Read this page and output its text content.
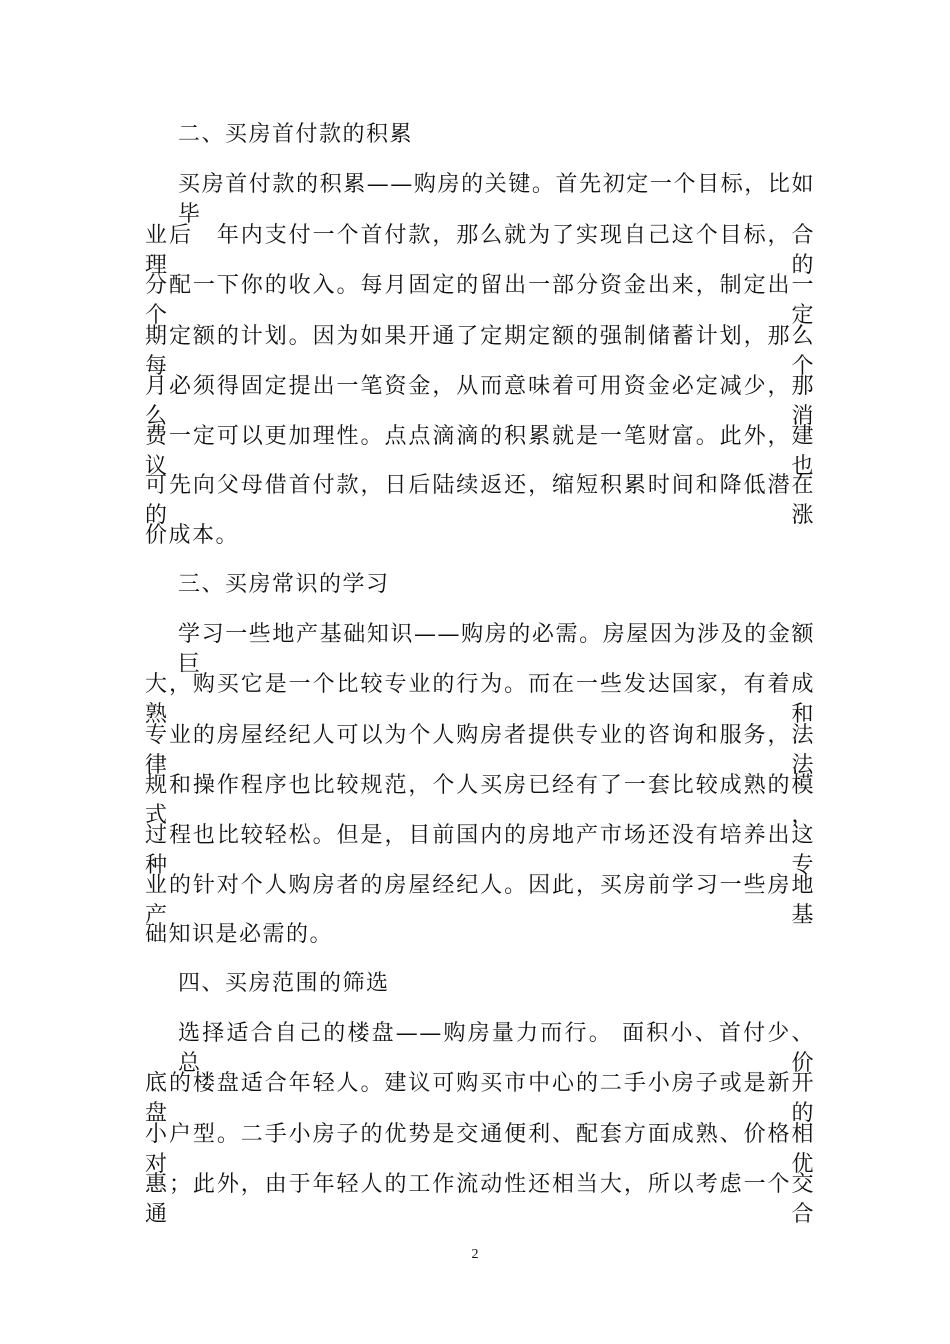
二、买房首付款的积累
买房首付款的积累——购房的关键。首先初定一个目标，比如毕
业后　年内支付一个首付款，那么就为了实现自己这个目标，合理的
分配一下你的收入。每月固定的留出一部分资金出来，制定出一个定
期定额的计划。因为如果开通了定期定额的强制储蓄计划，那么每个
月必须得固定提出一笔资金，从而意味着可用资金必定减少，那么消
费一定可以更加理性。点点滴滴的积累就是一笔财富。此外，建议也
可先向父母借首付款，日后陆续返还，缩短积累时间和降低潜在的涨
价成本。
三、买房常识的学习
学习一些地产基础知识——购房的必需。房屋因为涉及的金额巨
大，购买它是一个比较专业的行为。而在一些发达国家，有着成熟和
专业的房屋经纪人可以为个人购房者提供专业的咨询和服务，法律法
规和操作程序也比较规范，个人买房已经有了一套比较成熟的模式，
过程也比较轻松。但是，目前国内的房地产市场还没有培养出这种专
业的针对个人购房者的房屋经纪人。因此，买房前学习一些房地产基
础知识是必需的。
四、买房范围的筛选
选择适合自己的楼盘——购房量力而行。 面积小、首付少、总价
底的楼盘适合年轻人。建议可购买市中心的二手小房子或是新开盘的
小户型。二手小房子的优势是交通便利、配套方面成熟、价格相对优
惠；此外，由于年轻人的工作流动性还相当大，所以考虑一个交通合
2
